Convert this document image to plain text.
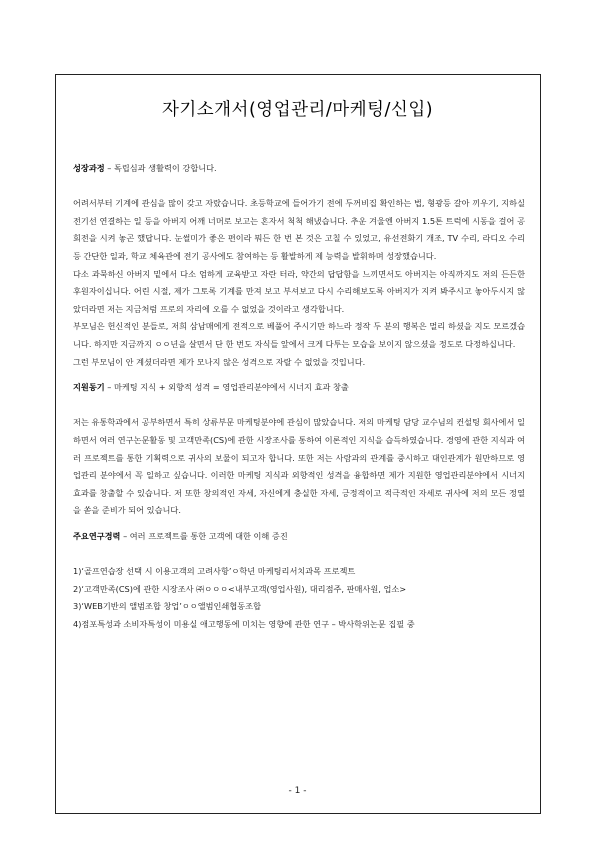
자기소개서(영업관리/마케팅/신입)

성장과정 – 독립심과 생활력이 강합니다.

어려서부터 기계에 관심을 많이 갖고 자랐습니다. 초등학교에 들어가기 전에 두꺼비집 확인하는 법, 형광등 갈아 끼우기, 지하실 전기선 연결하는 일 등을 아버지 어깨 너머로 보고는 혼자서 척척 해냈습니다. 추운 겨울엔 아버지 1.5톤 트럭에 시동을 걸어 공회전을 시켜 놓곤 했답니다. 눈썰미가 좋은 편이라 뭐든 한 번 본 것은 고칠 수 있었고, 유선전화기 개조, TV 수리, 라디오 수리 등 간단한 일과, 학교 체육관에 전기 공사에도 참여하는 등 활발하게 제 능력을 발휘하며 성장했습니다.

다소 과묵하신 아버지 밑에서 다소 엄하게 교육받고 자란 터라, 약간의 답답함을 느끼면서도 아버지는 아직까지도 저의 든든한 후원자이십니다. 어린 시절, 제가 그토록 기계를 만져 보고 부셔보고 다시 수리해보도록 아버지가 지켜 봐주시고 놓아두시지 않았더라면 저는 지금처럼 프로의 자리에 오를 수 없었을 것이라고 생각합니다.

부모님은 헌신적인 분들로, 저희 삼남매에게 전적으로 베풀어 주시기만 하느라 정작 두 분의 행복은 멀리 하셨을 지도 모르겠습니다. 하지만 지금까지 ㅇㅇ년을 살면서 단 한 번도 자식들 앞에서 크게 다투는 모습을 보이지 않으셨을 정도로 다정하십니다.

그런 부모님이 안 계셨더라면 제가 모나지 않은 성격으로 자랄 수 없었을 것입니다.

지원동기 – 마케팅 지식 + 외향적 성격 = 영업관리분야에서 시너지 효과 창출

저는 유통학과에서 공부하면서 특히 상류부문 마케팅분야에 관심이 많았습니다. 저의 마케팅 담당 교수님의 컨설팅 회사에서 일하면서 여러 연구논문활동 및 고객만족(CS)에 관한 시장조사를 통하여 이론적인 지식을 습득하였습니다. 경영에 관한 지식과 여러 프로젝트를 통한 기획력으로 귀사의 보물이 되고자 합니다. 또한 저는 사람과의 관계를 중시하고 대인관계가 원만하므로 영업관리 분야에서 꼭 일하고 싶습니다. 이러한 마케팅 지식과 외향적인 성격을 융합하면 제가 지원한 영업관리분야에서 시너지 효과를 창출할 수 있습니다. 저 또한 창의적인 자세, 자신에게 충실한 자세, 긍정적이고 적극적인 자세로 귀사에 저의 모든 정열을 쏟을 준비가 되어 있습니다.

주요연구경력 – 여러 프로젝트를 통한 고객에 대한 이해 증진

1)‘골프연습장 선택 시 이용고객의 고려사항’ㅇ학년 마케팅리서치과목 프로젝트
2)‘고객만족(CS)에 관한 시장조사 ㈜ㅇㅇㅇ<내부고객(영업사원), 대리점주, 판매사원, 업소>
3)‘WEB기반의 앨범조합 창업’ㅇㅇ앨범인쇄협동조합
4)점포특성과 소비자특성이 미용실 애고행동에 미치는 영향에 관한 연구 – 박사학위논문 집필 중
- 1 -
